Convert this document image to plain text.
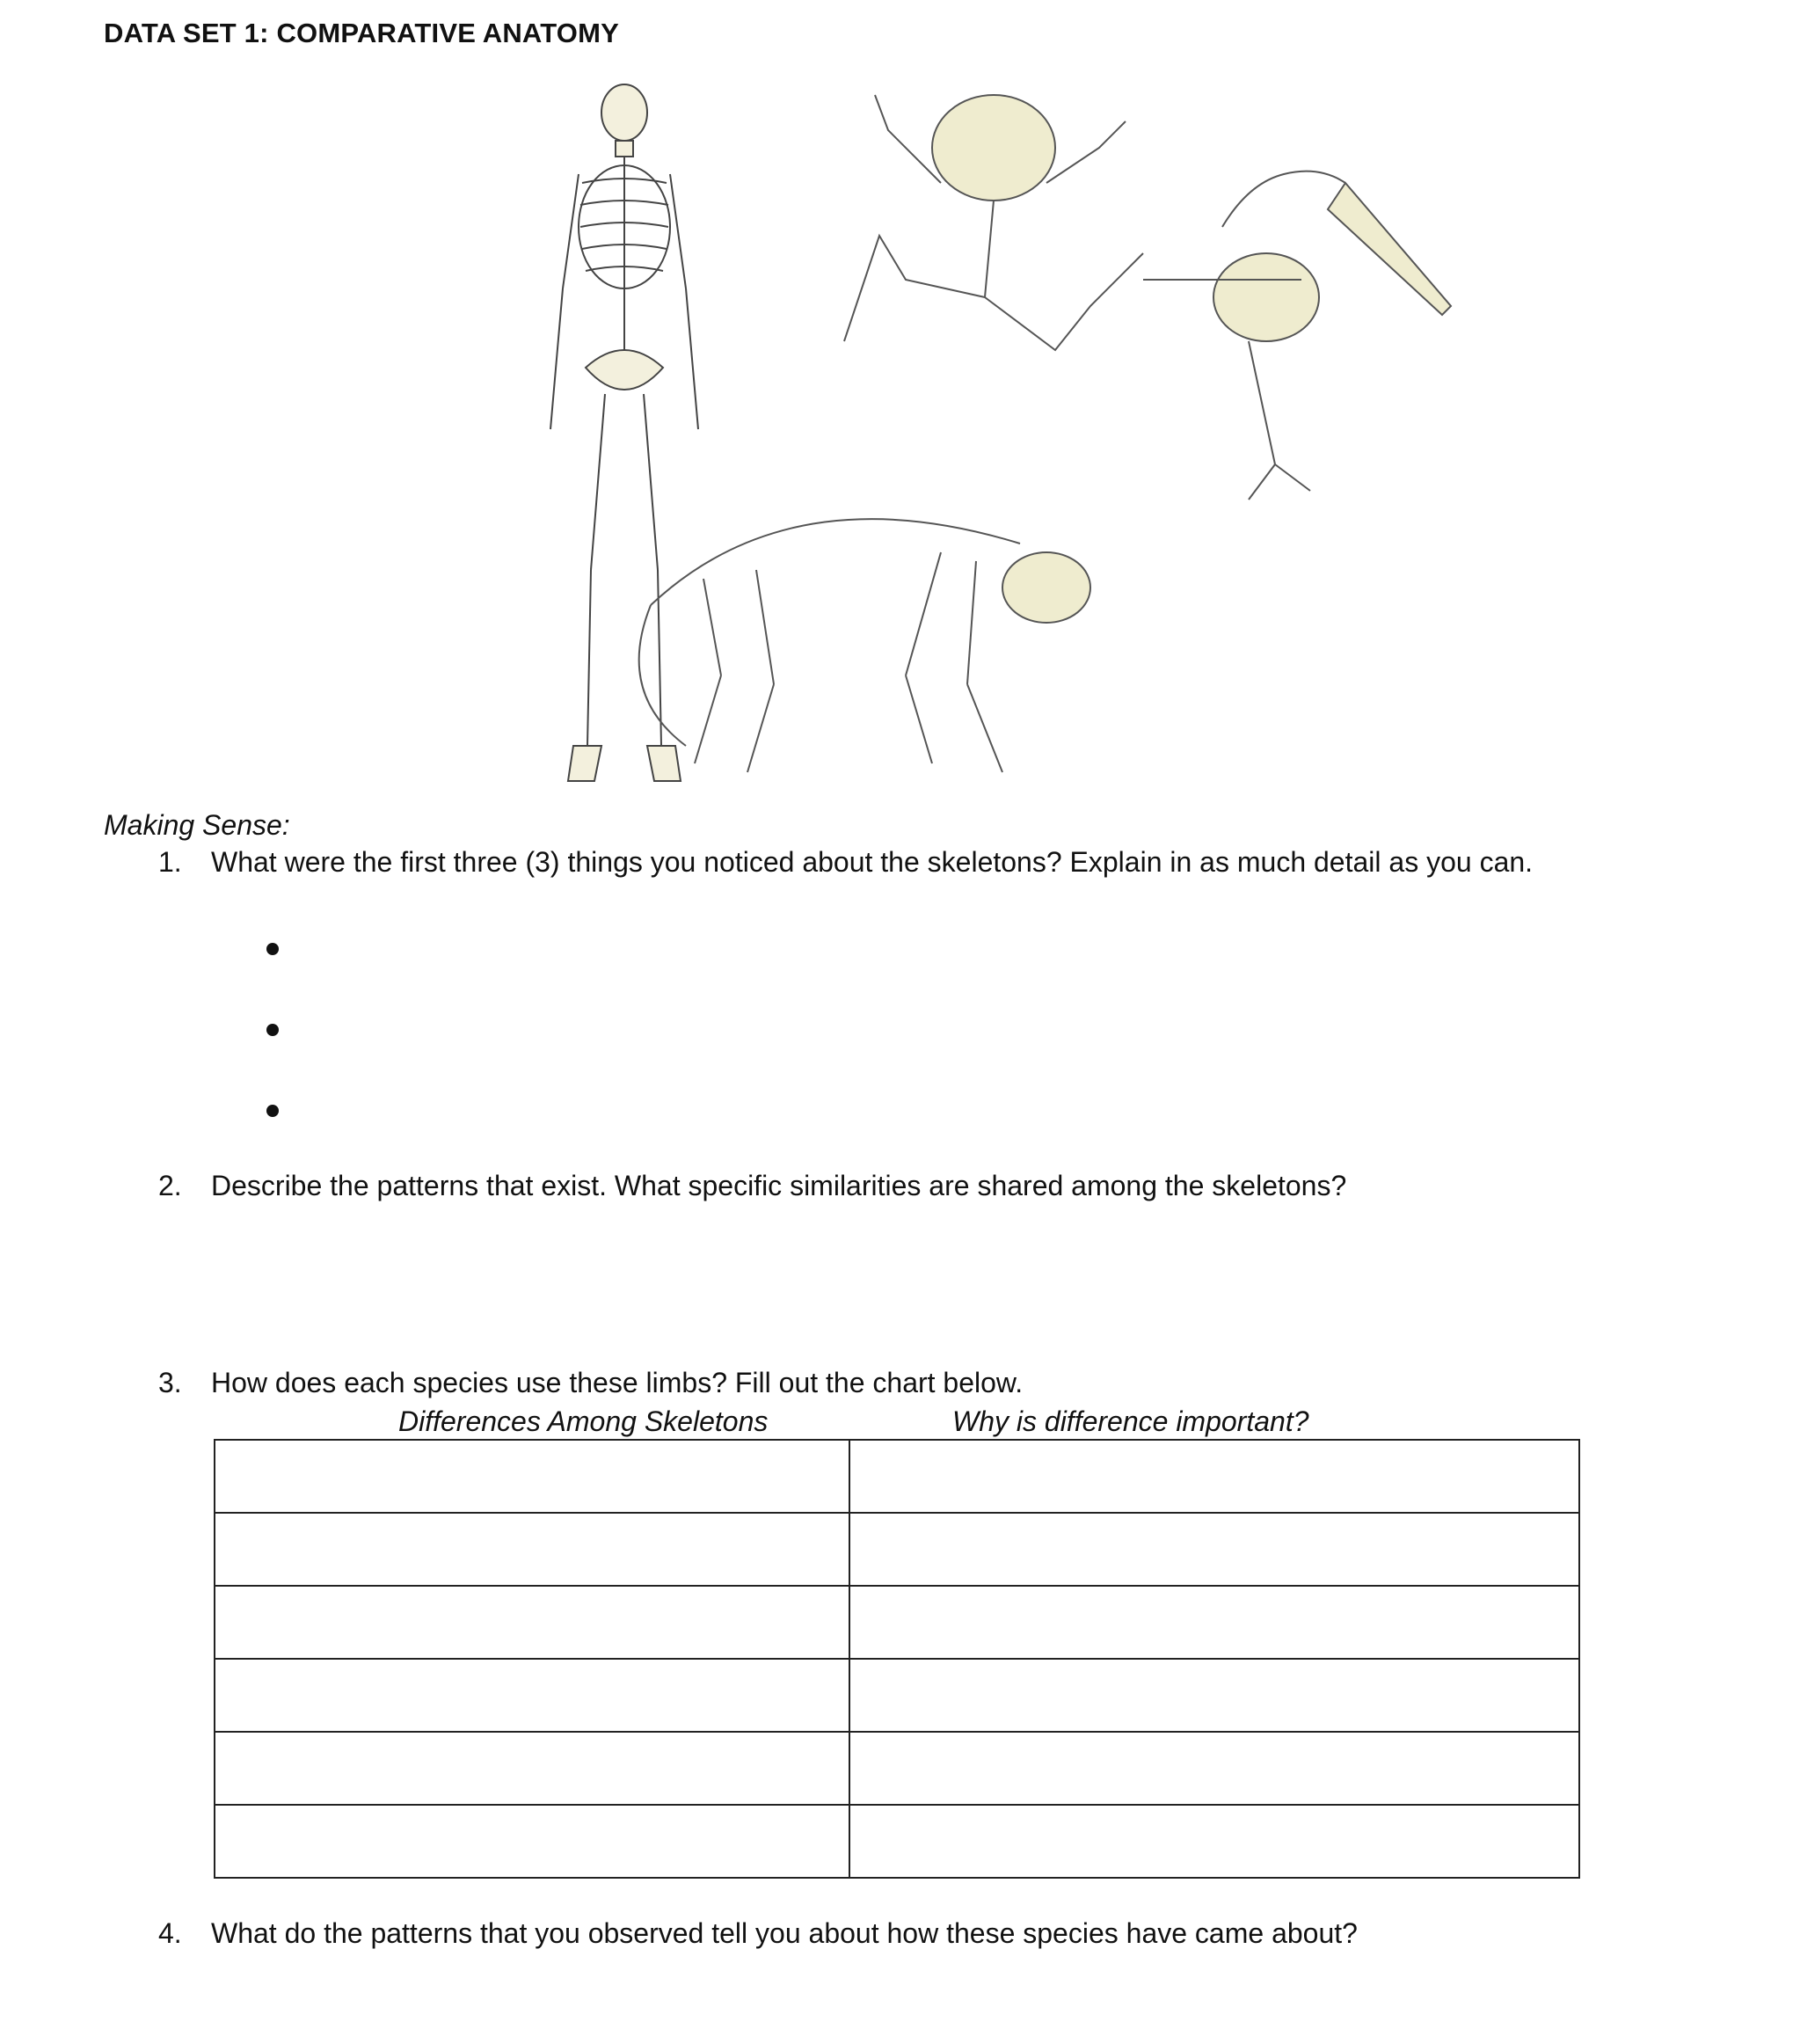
DATA SET 1: COMPARATIVE ANATOMY
Making Sense:
1.	What were the first three (3) things you noticed about the skeletons? Explain in as much detail as you can.
2.	Describe the patterns that exist. What specific similarities are shared among the skeletons?
3.	How does each species use these limbs? Fill out the chart below.
Differences Among Skeletons	Why is difference important?

4.	What do the patterns that you observed tell you about how these species have came about?
